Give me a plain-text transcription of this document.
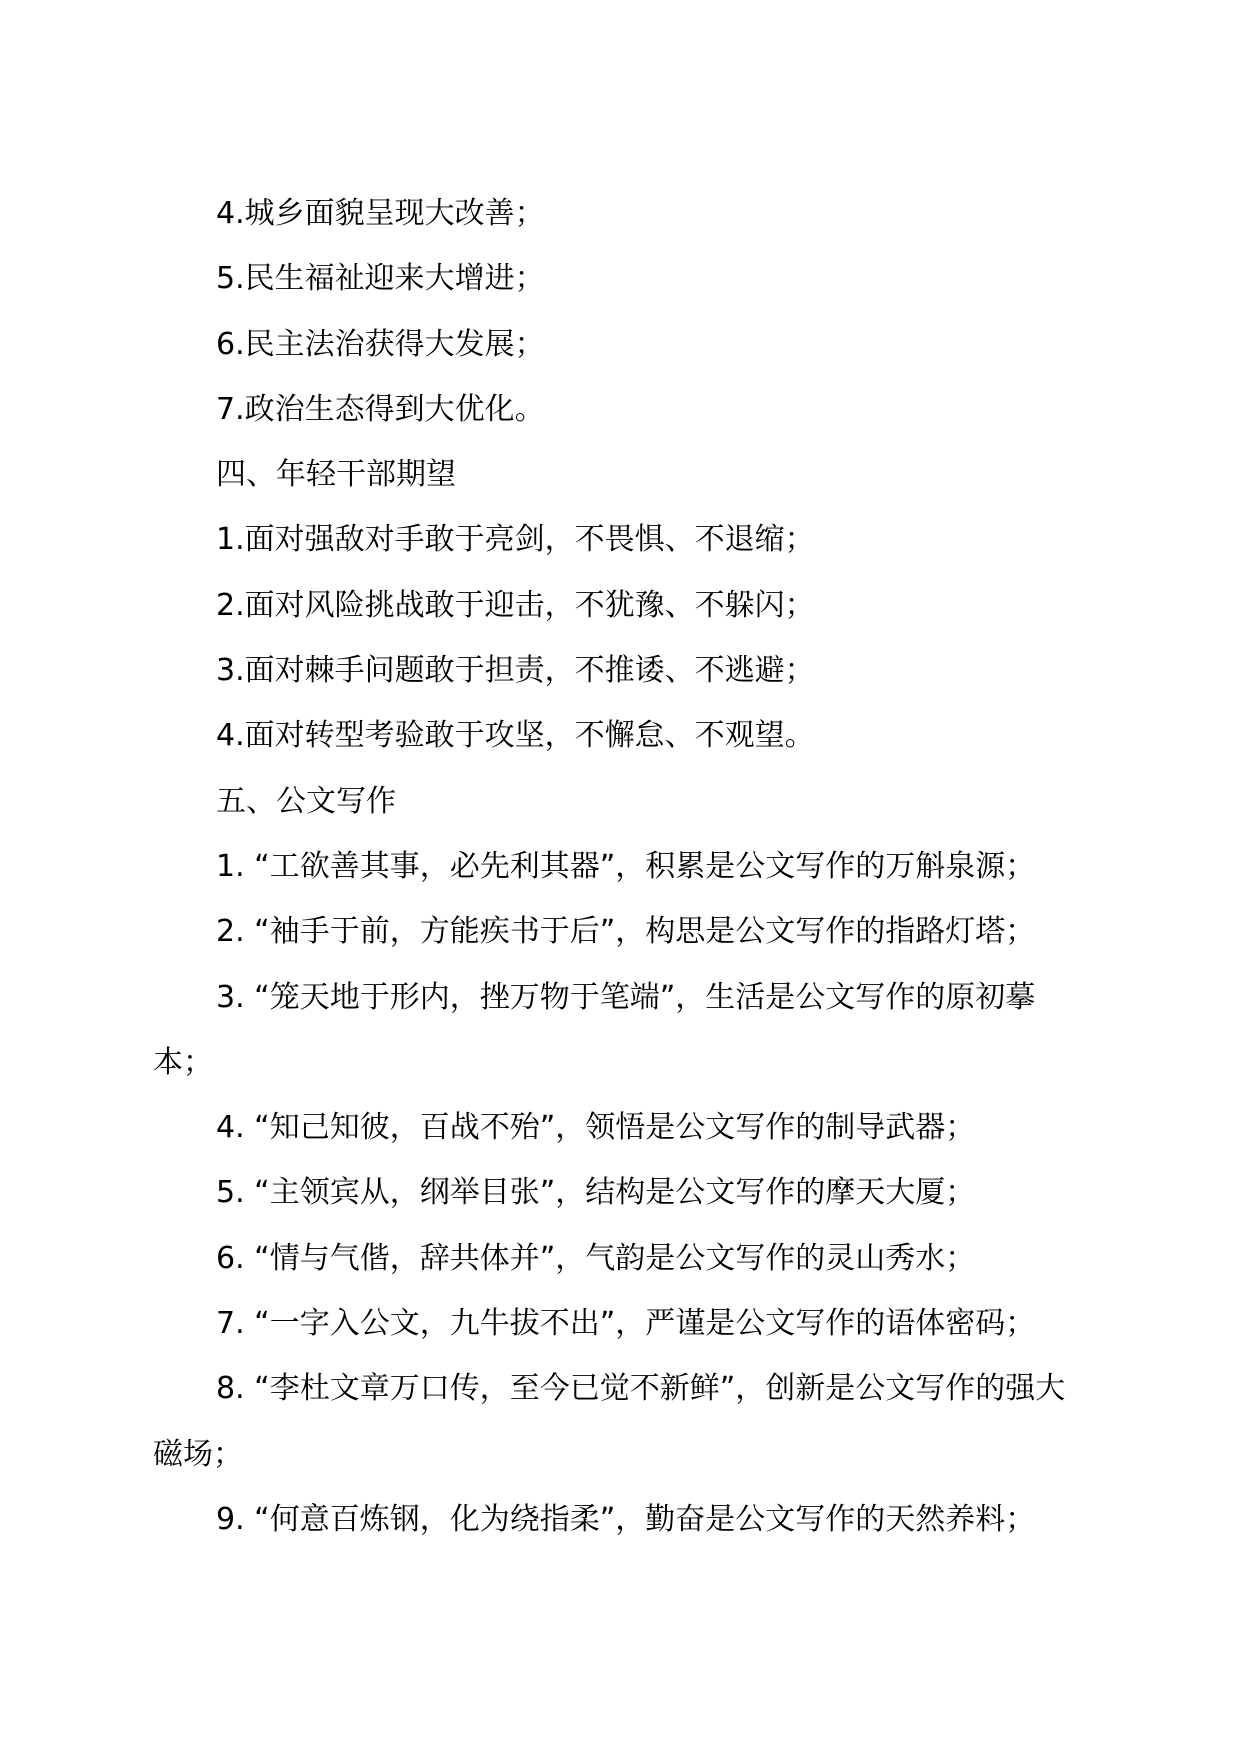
4.城乡面貌呈现大改善；

5.民生福祉迎来大增进；

6.民主法治获得大发展；

7.政治生态得到大优化。

四、年轻干部期望

1.面对强敌对手敢于亮剑，不畏惧、不退缩；

2.面对风险挑战敢于迎击，不犹豫、不躲闪；

3.面对棘手问题敢于担责，不推诿、不逃避；

4.面对转型考验敢于攻坚，不懈怠、不观望。

五、公文写作

1. “工欲善其事，必先利其器”，积累是公文写作的万斛泉源；

2. “袖手于前，方能疾书于后”，构思是公文写作的指路灯塔；

3. “笼天地于形内，挫万物于笔端”，生活是公文写作的原初摹本；

4. “知己知彼，百战不殆”，领悟是公文写作的制导武器；

5. “主领宾从，纲举目张”，结构是公文写作的摩天大厦；

6. “情与气偕，辞共体并”，气韵是公文写作的灵山秀水；

7. “一字入公文，九牛拔不出”，严谨是公文写作的语体密码；

8. “李杜文章万口传，至今已觉不新鲜”，创新是公文写作的强大磁场；

9. “何意百炼钢，化为绕指柔”，勤奋是公文写作的天然养料；
